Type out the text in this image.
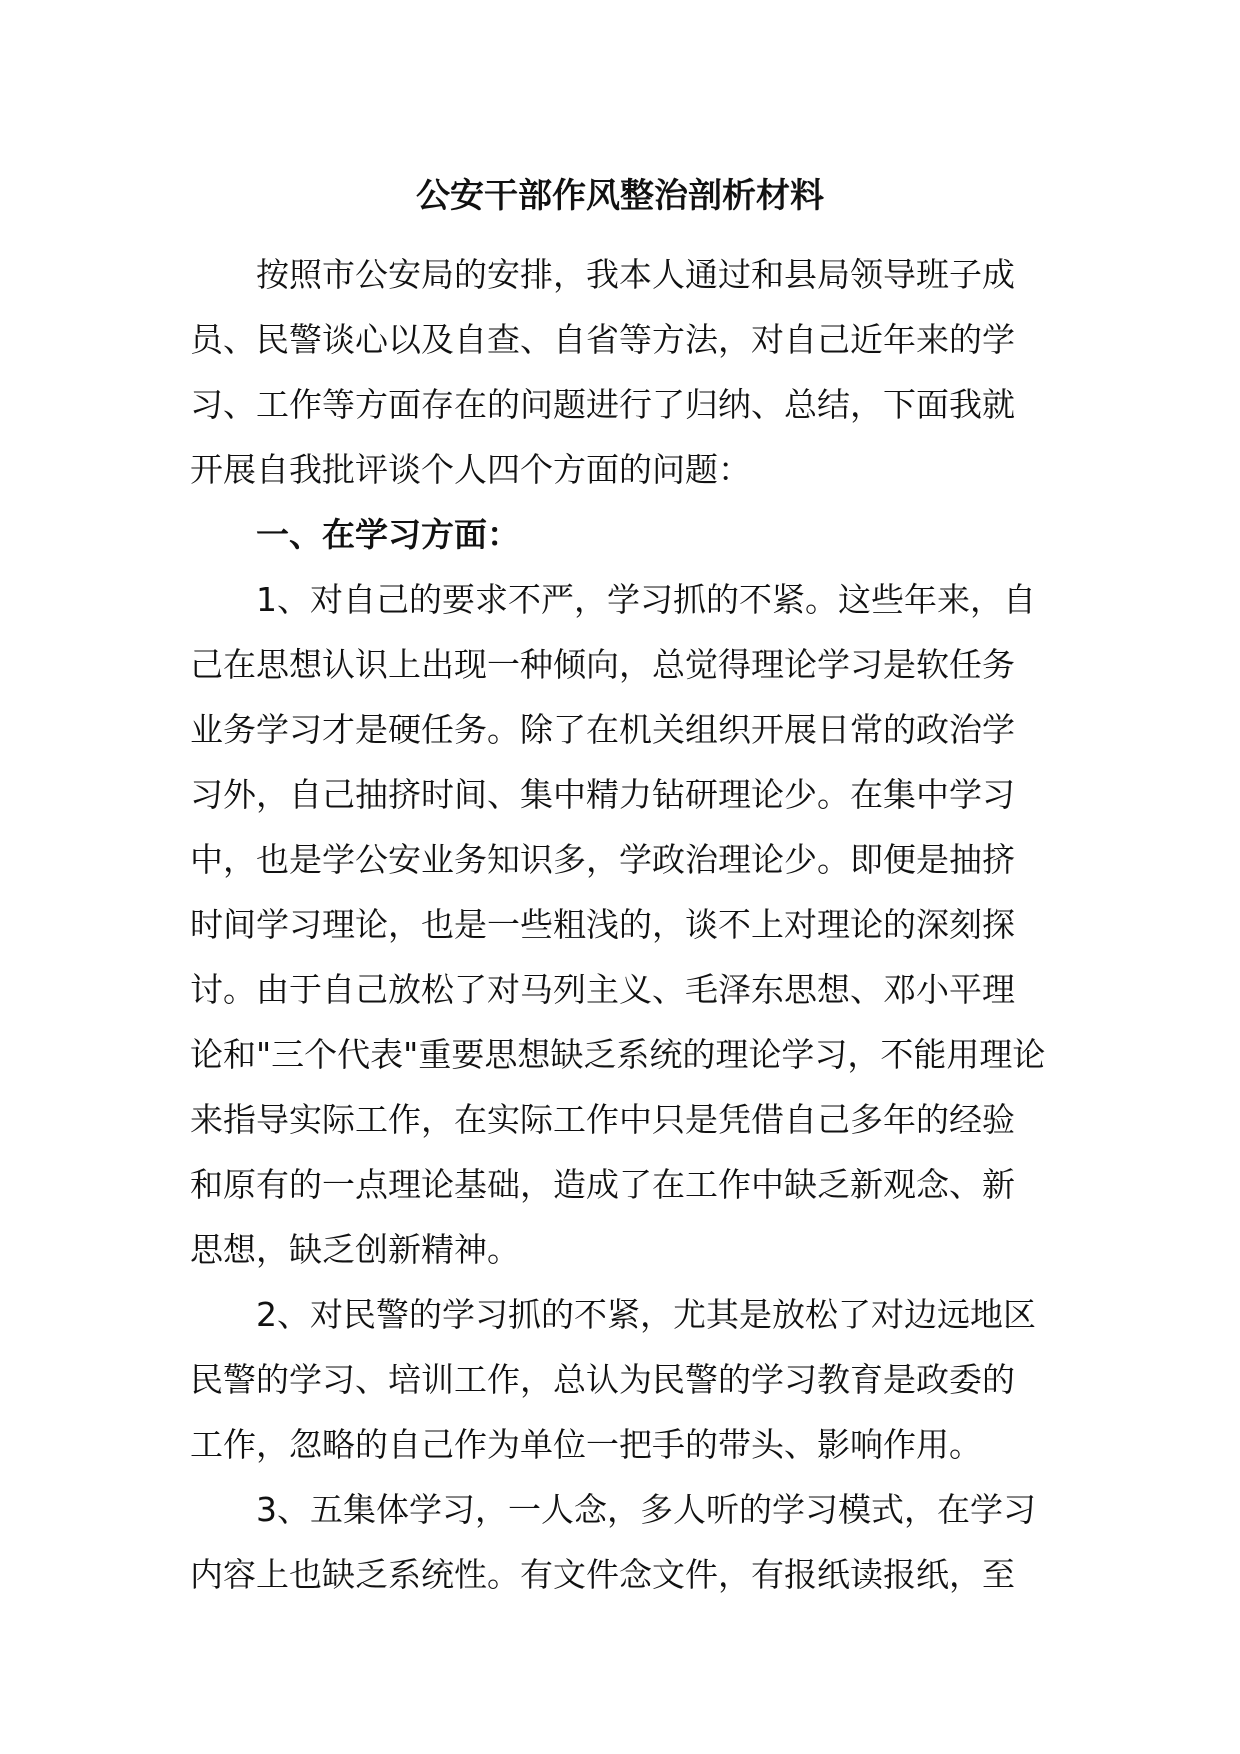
公安干部作风整治剖析材料
按照市公安局的安排，我本人通过和县局领导班子成
员、民警谈心以及自查、自省等方法，对自己近年来的学
习、工作等方面存在的问题进行了归纳、总结，下面我就
开展自我批评谈个人四个方面的问题：
一、在学习方面：
1、对自己的要求不严，学习抓的不紧。这些年来，自
己在思想认识上出现一种倾向，总觉得理论学习是软任务
业务学习才是硬任务。除了在机关组织开展日常的政治学
习外，自己抽挤时间、集中精力钻研理论少。在集中学习
中，也是学公安业务知识多，学政治理论少。即便是抽挤
时间学习理论，也是一些粗浅的，谈不上对理论的深刻探
讨。由于自己放松了对马列主义、毛泽东思想、邓小平理
论和"三个代表"重要思想缺乏系统的理论学习，不能用理论
来指导实际工作，在实际工作中只是凭借自己多年的经验
和原有的一点理论基础，造成了在工作中缺乏新观念、新
思想，缺乏创新精神。
2、对民警的学习抓的不紧，尤其是放松了对边远地区
民警的学习、培训工作，总认为民警的学习教育是政委的
工作，忽略的自己作为单位一把手的带头、影响作用。
3、五集体学习，一人念，多人听的学习模式，在学习
内容上也缺乏系统性。有文件念文件，有报纸读报纸，至
